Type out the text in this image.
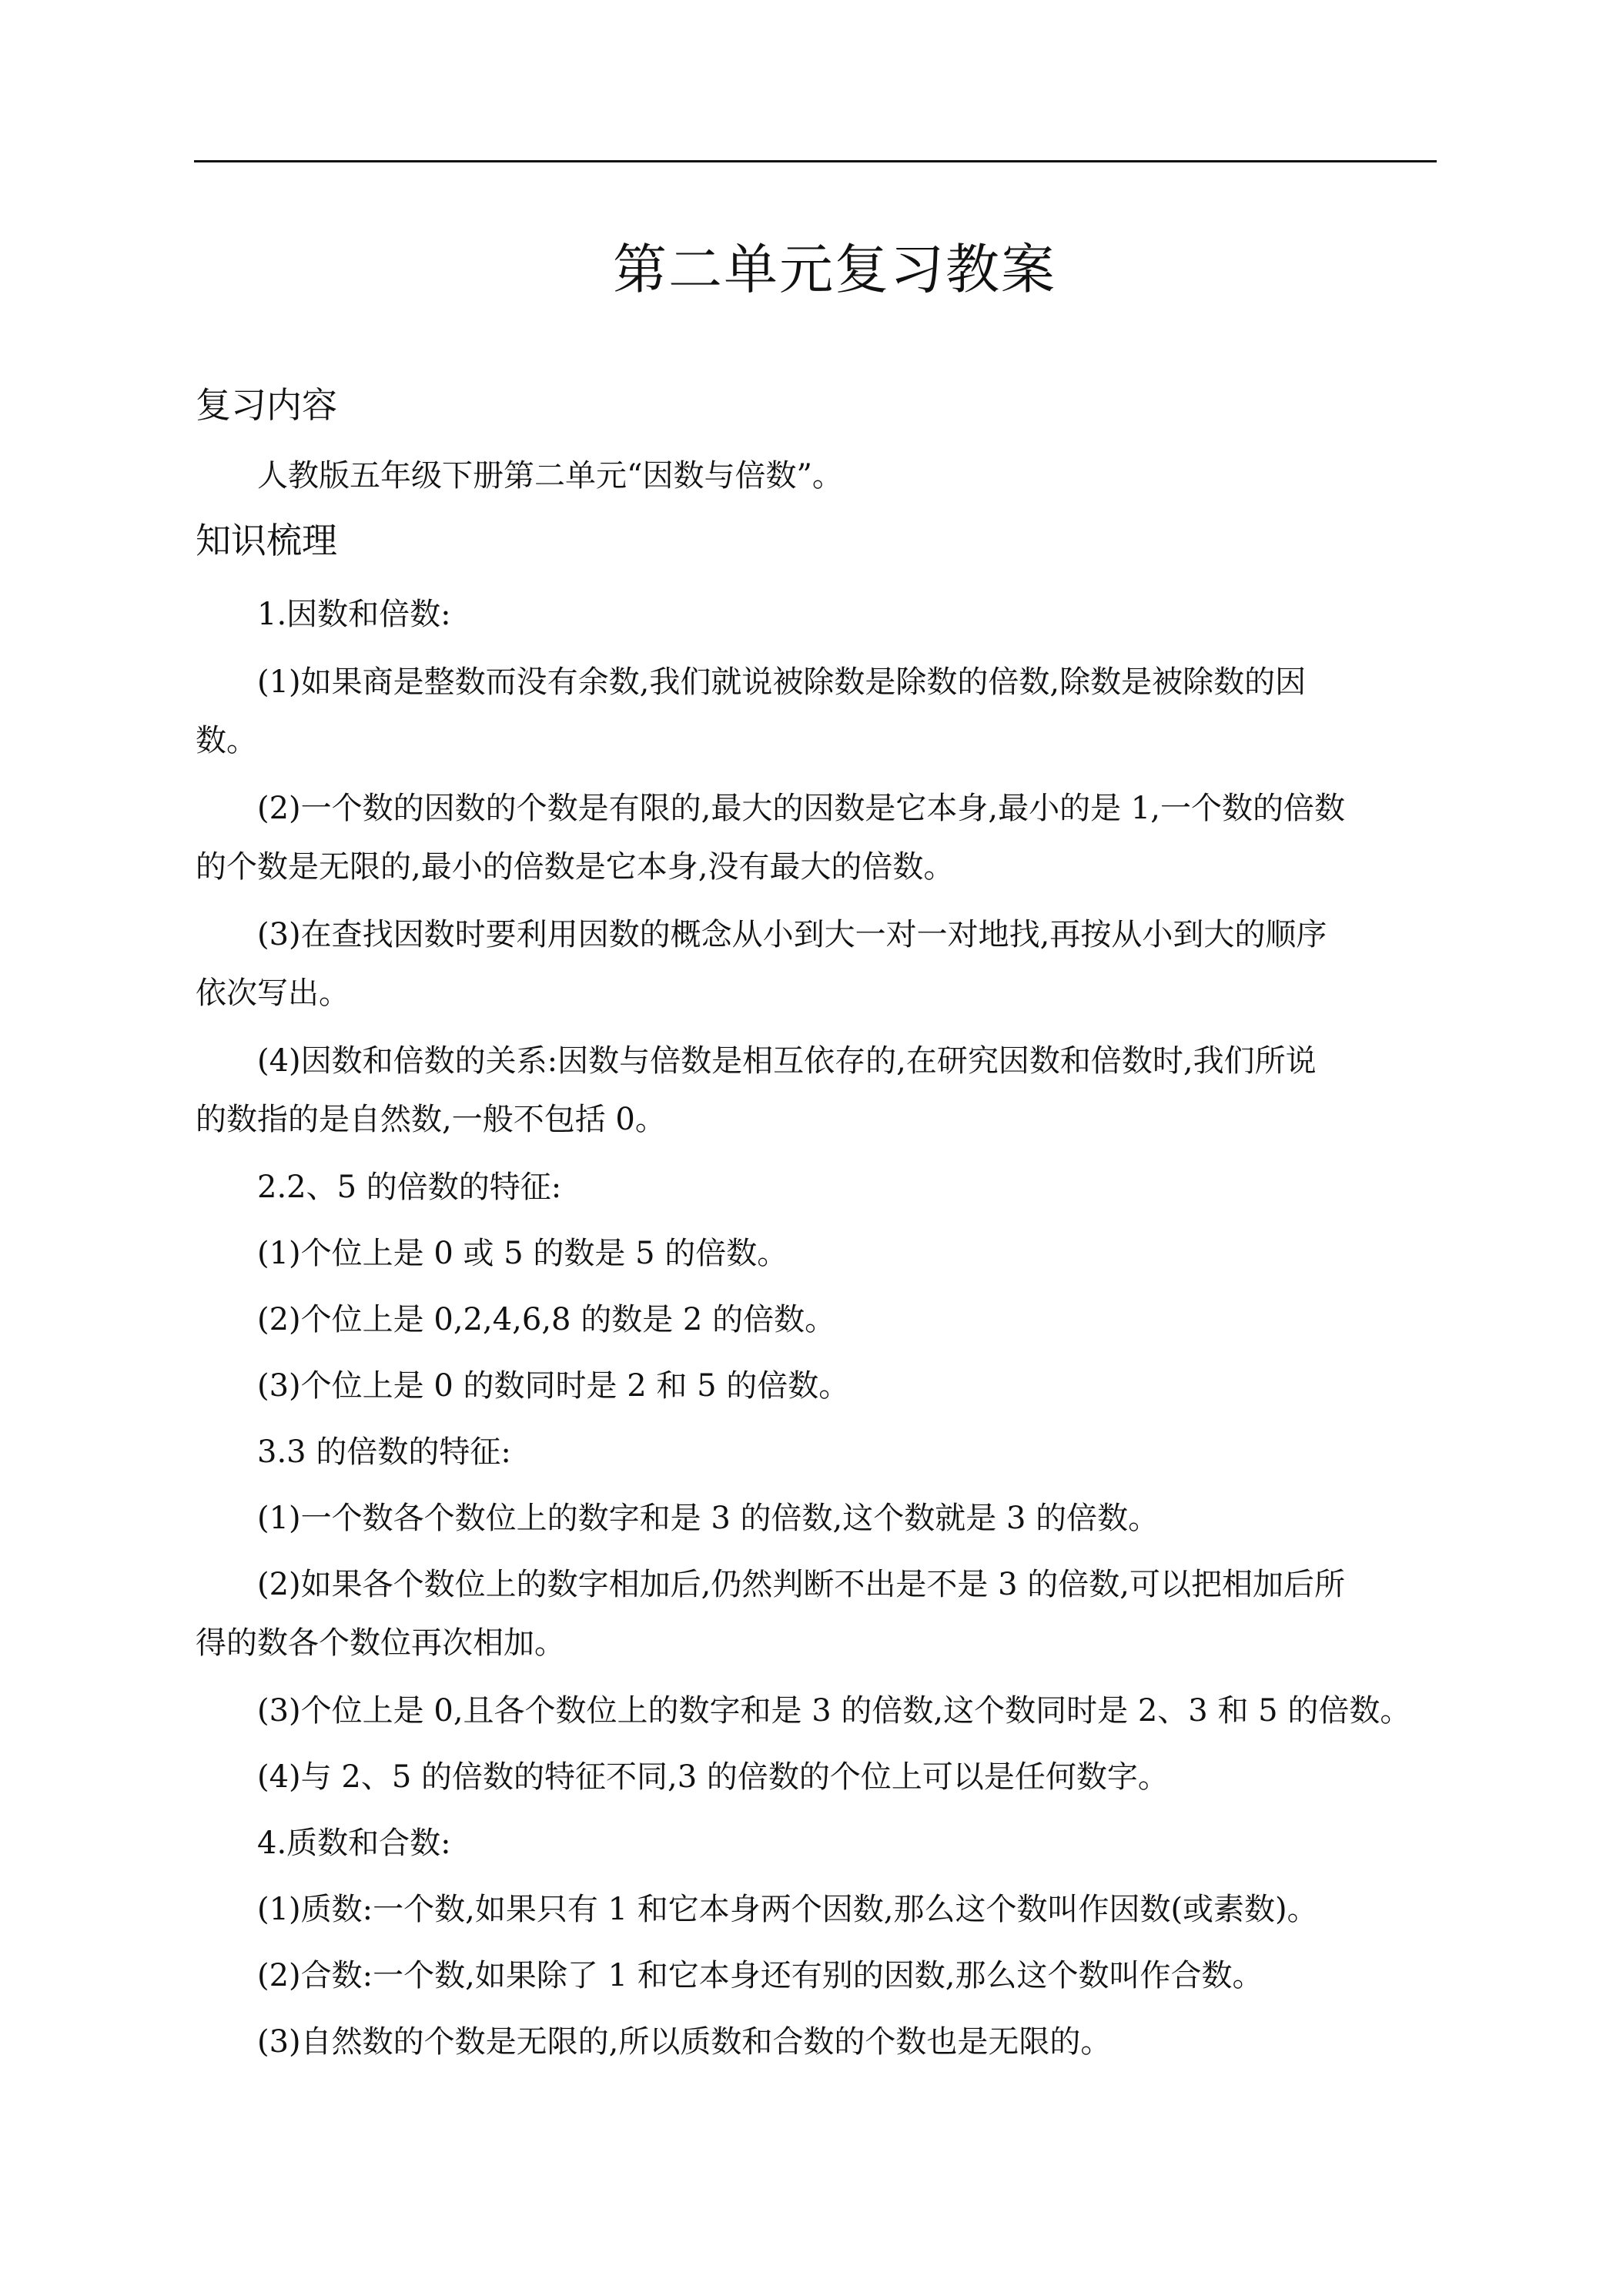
第二单元复习教案
复习内容
人教版五年级下册第二单元“因数与倍数”。
知识梳理
1.因数和倍数:
(1)如果商是整数而没有余数,我们就说被除数是除数的倍数,除数是被除数的因
数。
(2)一个数的因数的个数是有限的,最大的因数是它本身,最小的是 1,一个数的倍数
的个数是无限的,最小的倍数是它本身,没有最大的倍数。
(3)在查找因数时要利用因数的概念从小到大一对一对地找,再按从小到大的顺序
依次写出。
(4)因数和倍数的关系:因数与倍数是相互依存的,在研究因数和倍数时,我们所说
的数指的是自然数,一般不包括 0。
2.2、5 的倍数的特征:
(1)个位上是 0 或 5 的数是 5 的倍数。
(2)个位上是 0,2,4,6,8 的数是 2 的倍数。
(3)个位上是 0 的数同时是 2 和 5 的倍数。
3.3 的倍数的特征:
(1)一个数各个数位上的数字和是 3 的倍数,这个数就是 3 的倍数。
(2)如果各个数位上的数字相加后,仍然判断不出是不是 3 的倍数,可以把相加后所
得的数各个数位再次相加。
(3)个位上是 0,且各个数位上的数字和是 3 的倍数,这个数同时是 2、3 和 5 的倍数。
(4)与 2、5 的倍数的特征不同,3 的倍数的个位上可以是任何数字。
4.质数和合数:
(1)质数:一个数,如果只有 1 和它本身两个因数,那么这个数叫作因数(或素数)。
(2)合数:一个数,如果除了 1 和它本身还有别的因数,那么这个数叫作合数。
(3)自然数的个数是无限的,所以质数和合数的个数也是无限的。
